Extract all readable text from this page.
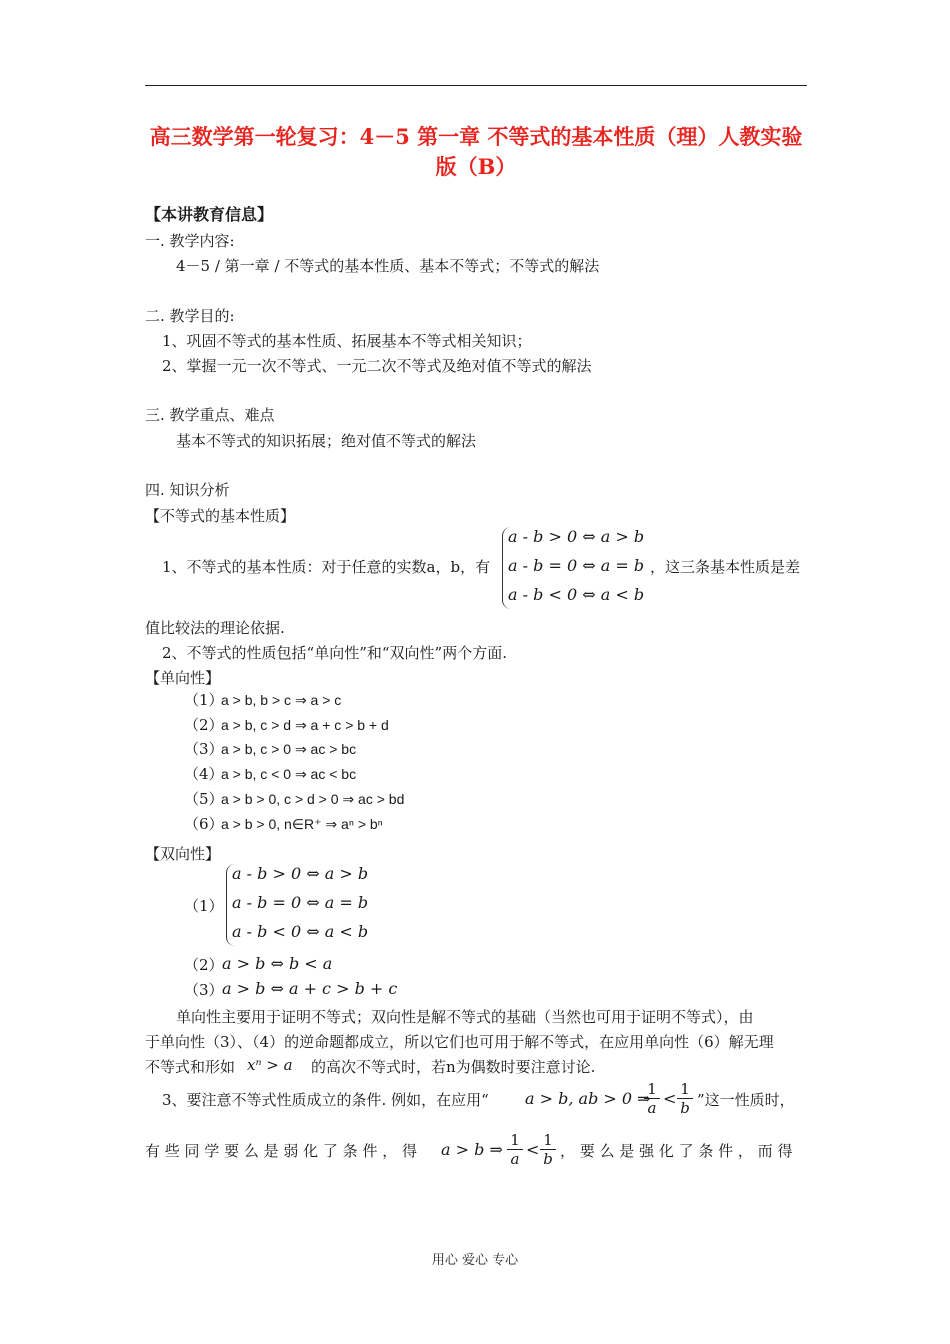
高三数学第一轮复习：4－5 第一章 不等式的基本性质（理）人教实验
版（B）
【本讲教育信息】
一. 教学内容:
4－5 / 第一章 / 不等式的基本性质、基本不等式；不等式的解法
二. 教学目的:
1、巩固不等式的基本性质、拓展基本不等式相关知识；
2、掌握一元一次不等式、一元二次不等式及绝对值不等式的解法
三. 教学重点、难点
基本不等式的知识拓展；绝对值不等式的解法
四. 知识分析
【不等式的基本性质】
1、不等式的基本性质：对于任意的实数a，b，有
a - b > 0 ⇔ a > b
a - b = 0 ⇔ a = b
a - b < 0 ⇔ a < b
，这三条基本性质是差
值比较法的理论依据.
2、不等式的性质包括“单向性”和“双向性”两个方面.
【单向性】
（1）
a > b, b > c ⇒ a > c
（2）
a > b, c > d ⇒ a + c > b + d
（3）
a > b, c > 0 ⇒ ac > bc
（4）
a > b, c < 0 ⇒ ac < bc
（5）
a > b > 0, c > d > 0 ⇒ ac > bd
（6）
a > b > 0, n∈R⁺ ⇒ aⁿ > bⁿ
【双向性】
（1）
a - b > 0 ⇔ a > b
a - b = 0 ⇔ a = b
a - b < 0 ⇔ a < b
（2）
a > b ⇔ b < a
（3）
a > b ⇔ a + c > b + c
单向性主要用于证明不等式；双向性是解不等式的基础（当然也可用于证明不等式），由
于单向性（3）、（4）的逆命题都成立，所以它们也可用于解不等式，在应用单向性（6）解无理
不等式和形如 xⁿ > a 的高次不等式时，若n为偶数时要注意讨论.
3、要注意不等式性质成立的条件. 例如，在应用“ a > b, ab > 0 ⇒
$\frac{1}{a} < \frac{1}{b}$ ”这一性质时，
有 些 同 学 要 么 是 弱 化 了 条 件 ， 得 a > b ⇒ $\frac{1}{a} < \frac{1}{b}$ ， 要 么 是 强 化 了 条 件 ， 而 得
用心 爱心 专心
